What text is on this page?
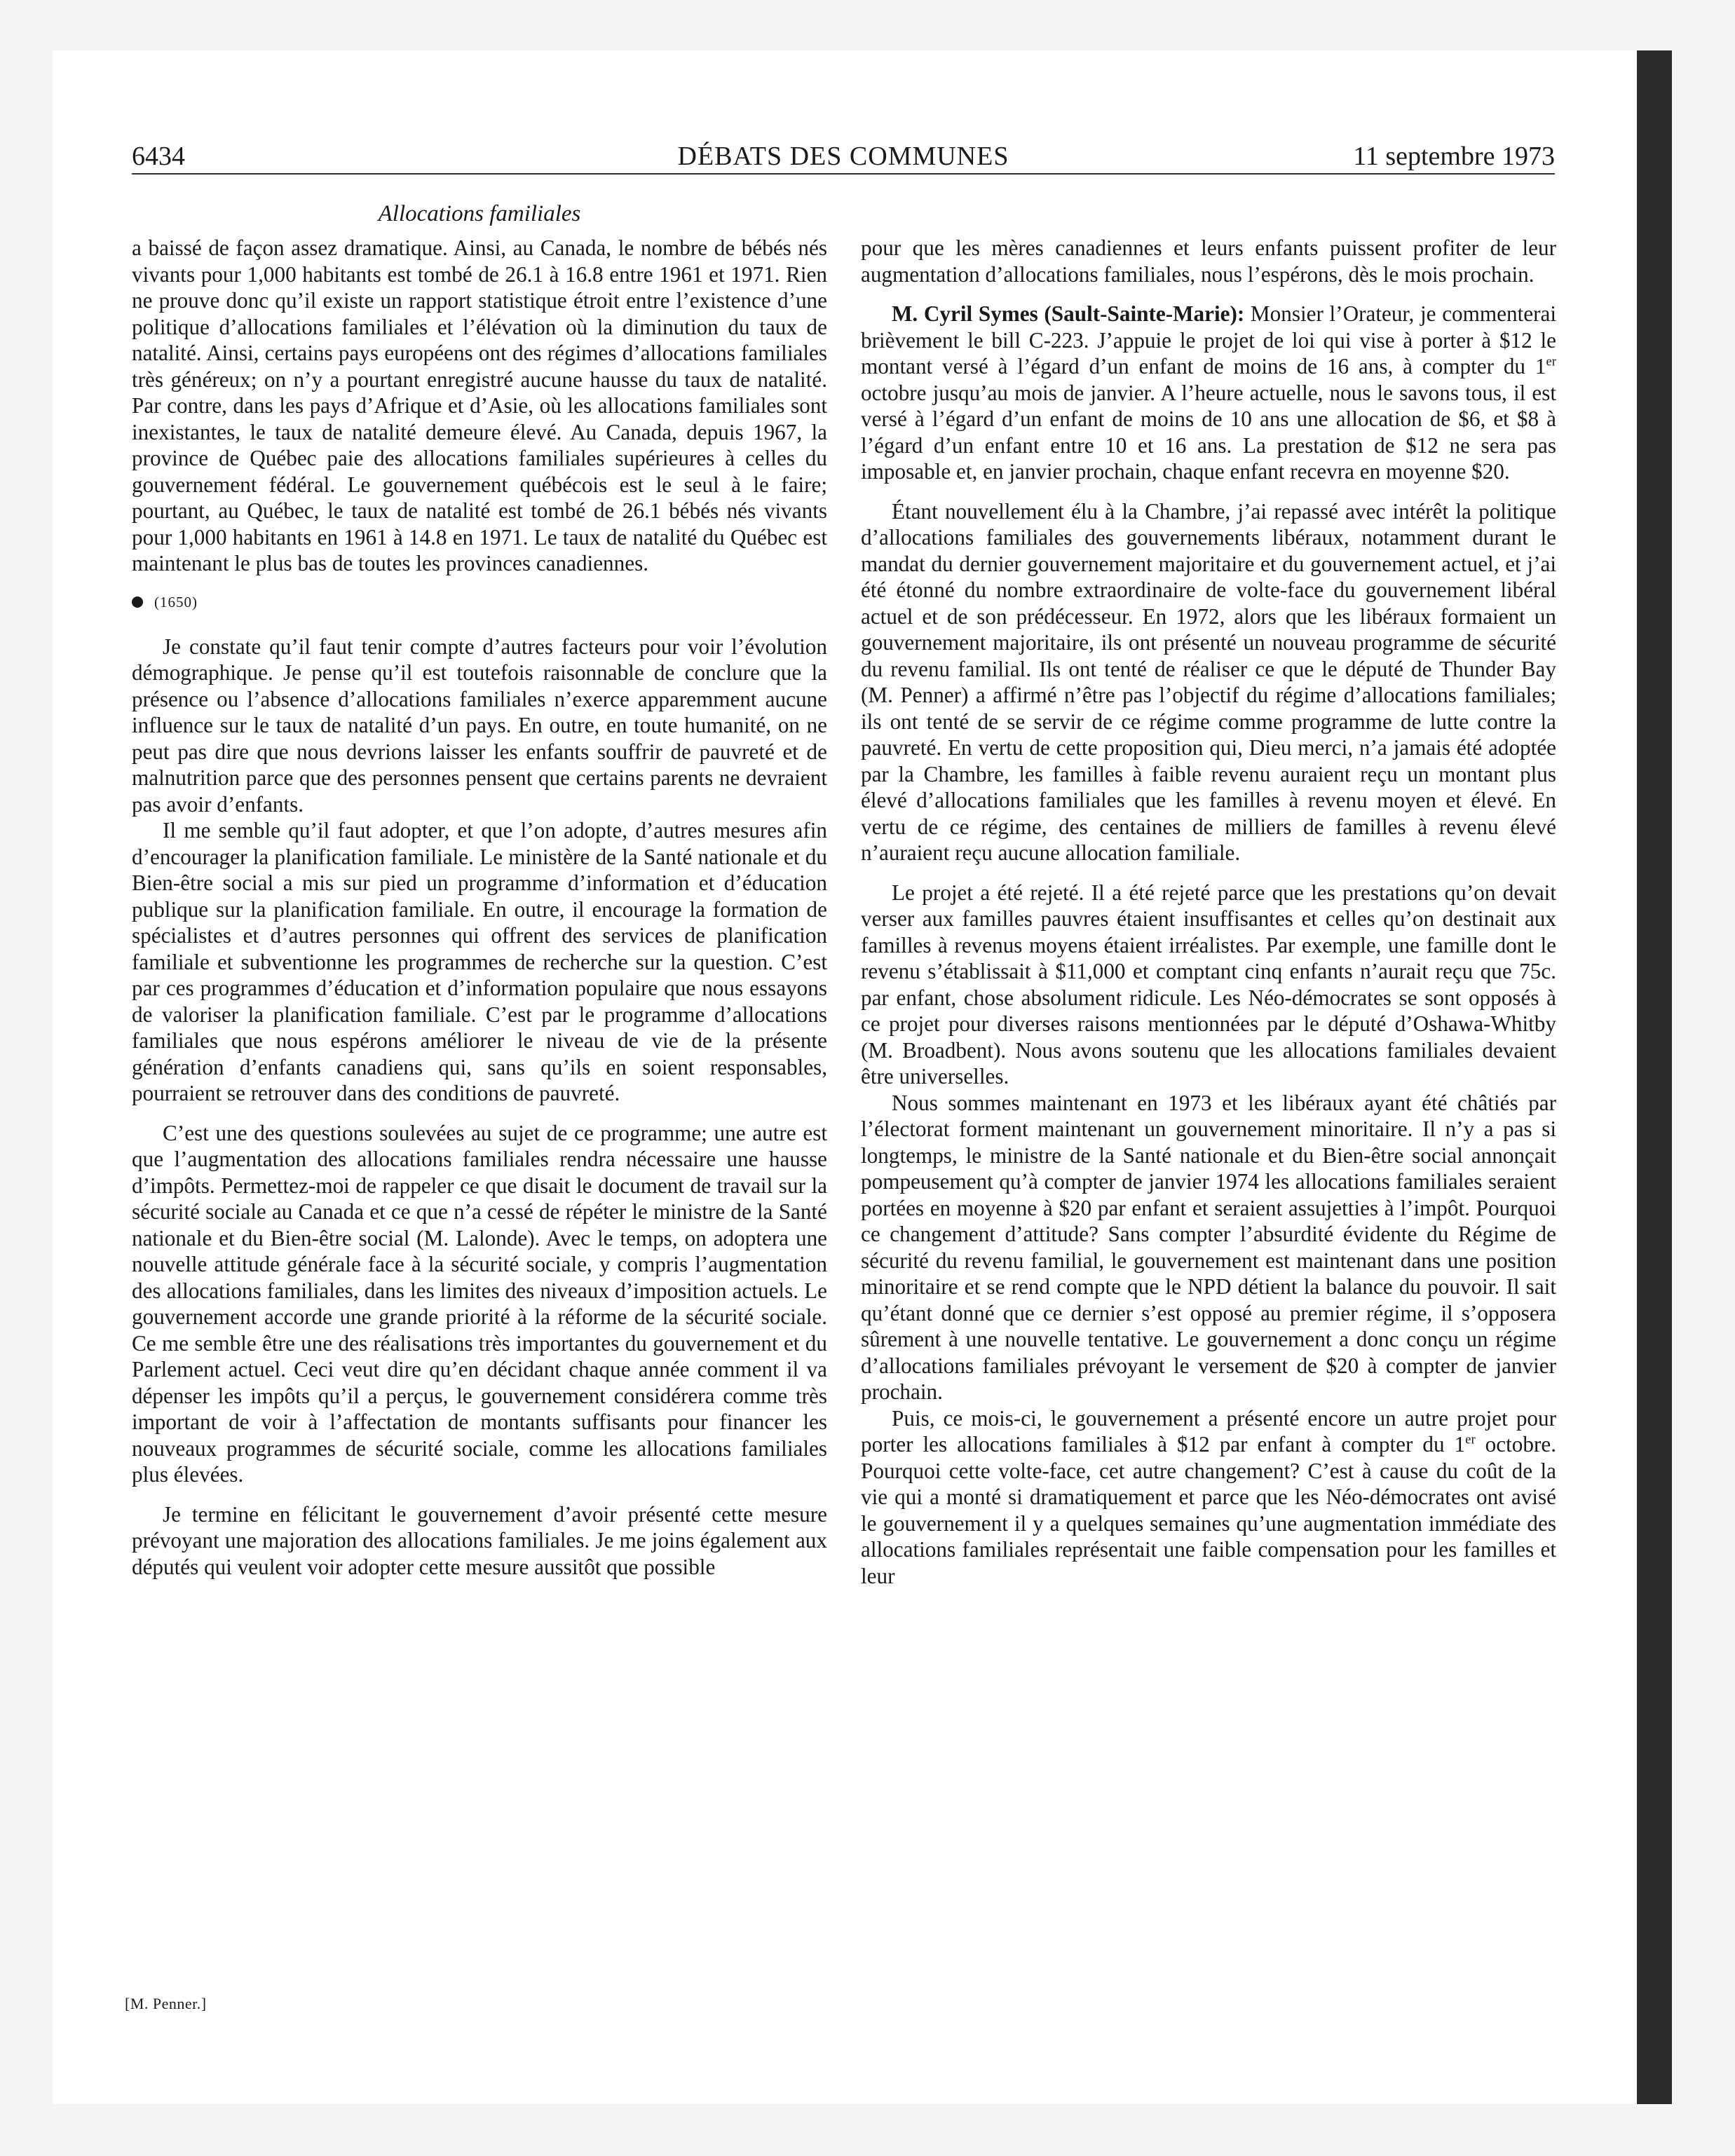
6434	DÉBATS DES COMMUNES	11 septembre 1973
Allocations familiales

a baissé de façon assez dramatique. Ainsi, au Canada, le nombre de bébés nés vivants pour 1,000 habitants est tombé de 26.1 à 16.8 entre 1961 et 1971. Rien ne prouve donc qu’il existe un rapport statistique étroit entre l’existence d’une politique d’allocations familiales et l’élévation où la diminution du taux de natalité. Ainsi, certains pays européens ont des régimes d’allocations familiales très généreux; on n’y a pourtant enregistré aucune hausse du taux de natalité. Par contre, dans les pays d’Afrique et d’Asie, où les allocations familiales sont inexistantes, le taux de natalité demeure élevé. Au Canada, depuis 1967, la province de Québec paie des allocations familiales supérieures à celles du gouvernement fédéral. Le gouvernement québécois est le seul à le faire; pourtant, au Québec, le taux de natalité est tombé de 26.1 bébés nés vivants pour 1,000 habitants en 1961 à 14.8 en 1971. Le taux de natalité du Québec est maintenant le plus bas de toutes les provinces canadiennes.

(1650)

Je constate qu’il faut tenir compte d’autres facteurs pour voir l’évolution démographique. Je pense qu’il est toutefois raisonnable de conclure que la présence ou l’absence d’allocations familiales n’exerce apparemment aucune influence sur le taux de natalité d’un pays. En outre, en toute humanité, on ne peut pas dire que nous devrions laisser les enfants souffrir de pauvreté et de malnutrition parce que des personnes pensent que certains parents ne devraient pas avoir d’enfants.

Il me semble qu’il faut adopter, et que l’on adopte, d’autres mesures afin d’encourager la planification familiale. Le ministère de la Santé nationale et du Bien-être social a mis sur pied un programme d’information et d’éducation publique sur la planification familiale. En outre, il encourage la formation de spécialistes et d’autres personnes qui offrent des services de planification familiale et subventionne les programmes de recherche sur la question. C’est par ces programmes d’éducation et d’information populaire que nous essayons de valoriser la planification familiale. C’est par le programme d’allocations familiales que nous espérons améliorer le niveau de vie de la présente génération d’enfants canadiens qui, sans qu’ils en soient responsables, pourraient se retrouver dans des conditions de pauvreté.

C’est une des questions soulevées au sujet de ce programme; une autre est que l’augmentation des allocations familiales rendra nécessaire une hausse d’impôts. Permettez-moi de rappeler ce que disait le document de travail sur la sécurité sociale au Canada et ce que n’a cessé de répéter le ministre de la Santé nationale et du Bien-être social (M. Lalonde). Avec le temps, on adoptera une nouvelle attitude générale face à la sécurité sociale, y compris l’augmentation des allocations familiales, dans les limites des niveaux d’imposition actuels. Le gouvernement accorde une grande priorité à la réforme de la sécurité sociale. Ce me semble être une des réalisations très importantes du gouvernement et du Parlement actuel. Ceci veut dire qu’en décidant chaque année comment il va dépenser les impôts qu’il a perçus, le gouvernement considérera comme très important de voir à l’affectation de montants suffisants pour financer les nouveaux programmes de sécurité sociale, comme les allocations familiales plus élevées.

Je termine en félicitant le gouvernement d’avoir présenté cette mesure prévoyant une majoration des allocations familiales. Je me joins également aux députés qui veulent voir adopter cette mesure aussitôt que possible

pour que les mères canadiennes et leurs enfants puissent profiter de leur augmentation d’allocations familiales, nous l’espérons, dès le mois prochain.

M. Cyril Symes (Sault-Sainte-Marie): Monsier l’Orateur, je commenterai brièvement le bill C-223. J’appuie le projet de loi qui vise à porter à $12 le montant versé à l’égard d’un enfant de moins de 16 ans, à compter du 1er octobre jusqu’au mois de janvier. A l’heure actuelle, nous le savons tous, il est versé à l’égard d’un enfant de moins de 10 ans une allocation de $6, et $8 à l’égard d’un enfant entre 10 et 16 ans. La prestation de $12 ne sera pas imposable et, en janvier prochain, chaque enfant recevra en moyenne $20.

Étant nouvellement élu à la Chambre, j’ai repassé avec intérêt la politique d’allocations familiales des gouvernements libéraux, notamment durant le mandat du dernier gouvernement majoritaire et du gouvernement actuel, et j’ai été étonné du nombre extraordinaire de volte-face du gouvernement libéral actuel et de son prédécesseur. En 1972, alors que les libéraux formaient un gouvernement majoritaire, ils ont présenté un nouveau programme de sécurité du revenu familial. Ils ont tenté de réaliser ce que le député de Thunder Bay (M. Penner) a affirmé n’être pas l’objectif du régime d’allocations familiales; ils ont tenté de se servir de ce régime comme programme de lutte contre la pauvreté. En vertu de cette proposition qui, Dieu merci, n’a jamais été adoptée par la Chambre, les familles à faible revenu auraient reçu un montant plus élevé d’allocations familiales que les familles à revenu moyen et élevé. En vertu de ce régime, des centaines de milliers de familles à revenu élevé n’auraient reçu aucune allocation familiale.

Le projet a été rejeté. Il a été rejeté parce que les prestations qu’on devait verser aux familles pauvres étaient insuffisantes et celles qu’on destinait aux familles à revenus moyens étaient irréalistes. Par exemple, une famille dont le revenu s’établissait à $11,000 et comptant cinq enfants n’aurait reçu que 75c. par enfant, chose absolument ridicule. Les Néo-démocrates se sont opposés à ce projet pour diverses raisons mentionnées par le député d’Oshawa-Whitby (M. Broadbent). Nous avons soutenu que les allocations familiales devaient être universelles.

Nous sommes maintenant en 1973 et les libéraux ayant été châtiés par l’électorat forment maintenant un gouvernement minoritaire. Il n’y a pas si longtemps, le ministre de la Santé nationale et du Bien-être social annonçait pompeusement qu’à compter de janvier 1974 les allocations familiales seraient portées en moyenne à $20 par enfant et seraient assujetties à l’impôt. Pourquoi ce changement d’attitude? Sans compter l’absurdité évidente du Régime de sécurité du revenu familial, le gouvernement est maintenant dans une position minoritaire et se rend compte que le NPD détient la balance du pouvoir. Il sait qu’étant donné que ce dernier s’est opposé au premier régime, il s’opposera sûrement à une nouvelle tentative. Le gouvernement a donc conçu un régime d’allocations familiales prévoyant le versement de $20 à compter de janvier prochain.

Puis, ce mois-ci, le gouvernement a présenté encore un autre projet pour porter les allocations familiales à $12 par enfant à compter du 1er octobre. Pourquoi cette volte-face, cet autre changement? C’est à cause du coût de la vie qui a monté si dramatiquement et parce que les Néo-démocrates ont avisé le gouvernement il y a quelques semaines qu’une augmentation immédiate des allocations familiales représentait une faible compensation pour les familles et leur

[M. Penner.]
